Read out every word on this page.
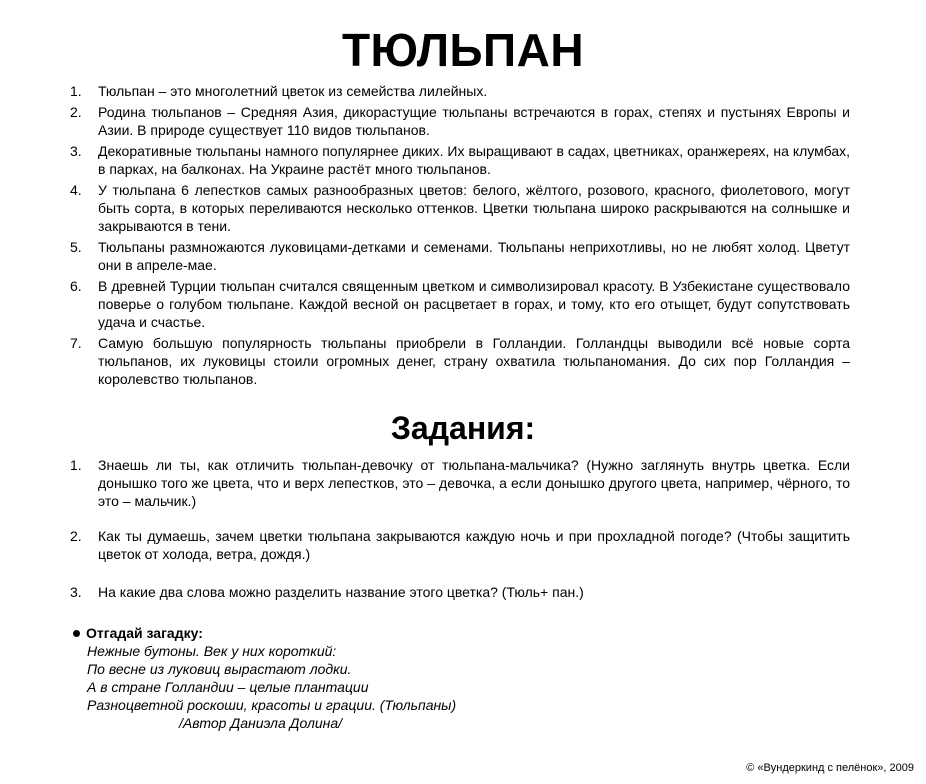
ТЮЛЬПАН
1. Тюльпан – это многолетний цветок из семейства лилейных.
2. Родина тюльпанов – Средняя Азия, дикорастущие тюльпаны встречаются в горах, степях и пустынях Европы и Азии. В природе существует 110 видов тюльпанов.
3. Декоративные тюльпаны намного популярнее диких. Их выращивают в садах, цветниках, оранжереях, на клумбах, в парках, на балконах. На Украине растёт много тюльпанов.
4. У тюльпана 6 лепестков самых разнообразных цветов: белого, жёлтого, розового, красного, фиолетового, могут быть сорта, в которых переливаются несколько оттенков. Цветки тюльпана широко раскрываются на солнышке и закрываются в тени.
5. Тюльпаны размножаются луковицами-детками и семенами. Тюльпаны неприхотливы, но не любят холод. Цветут они в апреле-мае.
6. В древней Турции тюльпан считался священным цветком и символизировал красоту. В Узбекистане существовало поверье о голубом тюльпане. Каждой весной он расцветает в горах, и тому, кто его отыщет, будут сопутствовать удача и счастье.
7. Самую большую популярность тюльпаны приобрели в Голландии. Голландцы выводили всё новые сорта тюльпанов, их луковицы стоили огромных денег, страну охватила тюльпаномания. До сих пор Голландия – королевство тюльпанов.
Задания:
1. Знаешь ли ты, как отличить тюльпан-девочку от тюльпана-мальчика? (Нужно заглянуть внутрь цветка. Если донышко того же цвета, что и верх лепестков, это – девочка, а если донышко другого цвета, например, чёрного, то это – мальчик.)
2. Как ты думаешь, зачем цветки тюльпана закрываются каждую ночь и при прохладной погоде? (Чтобы защитить цветок от холода, ветра, дождя.)
3. На какие два слова можно разделить название этого цветка? (Тюль+ пан.)
Отгадай загадку:
Нежные бутоны. Век у них короткий:
По весне из луковиц вырастают лодки.
А в стране Голландии – целые плантации
Разноцветной роскоши, красоты и грации. (Тюльпаны)
/Автор Даниэла Долина/
© «Вундеркинд с пелёнок», 2009
